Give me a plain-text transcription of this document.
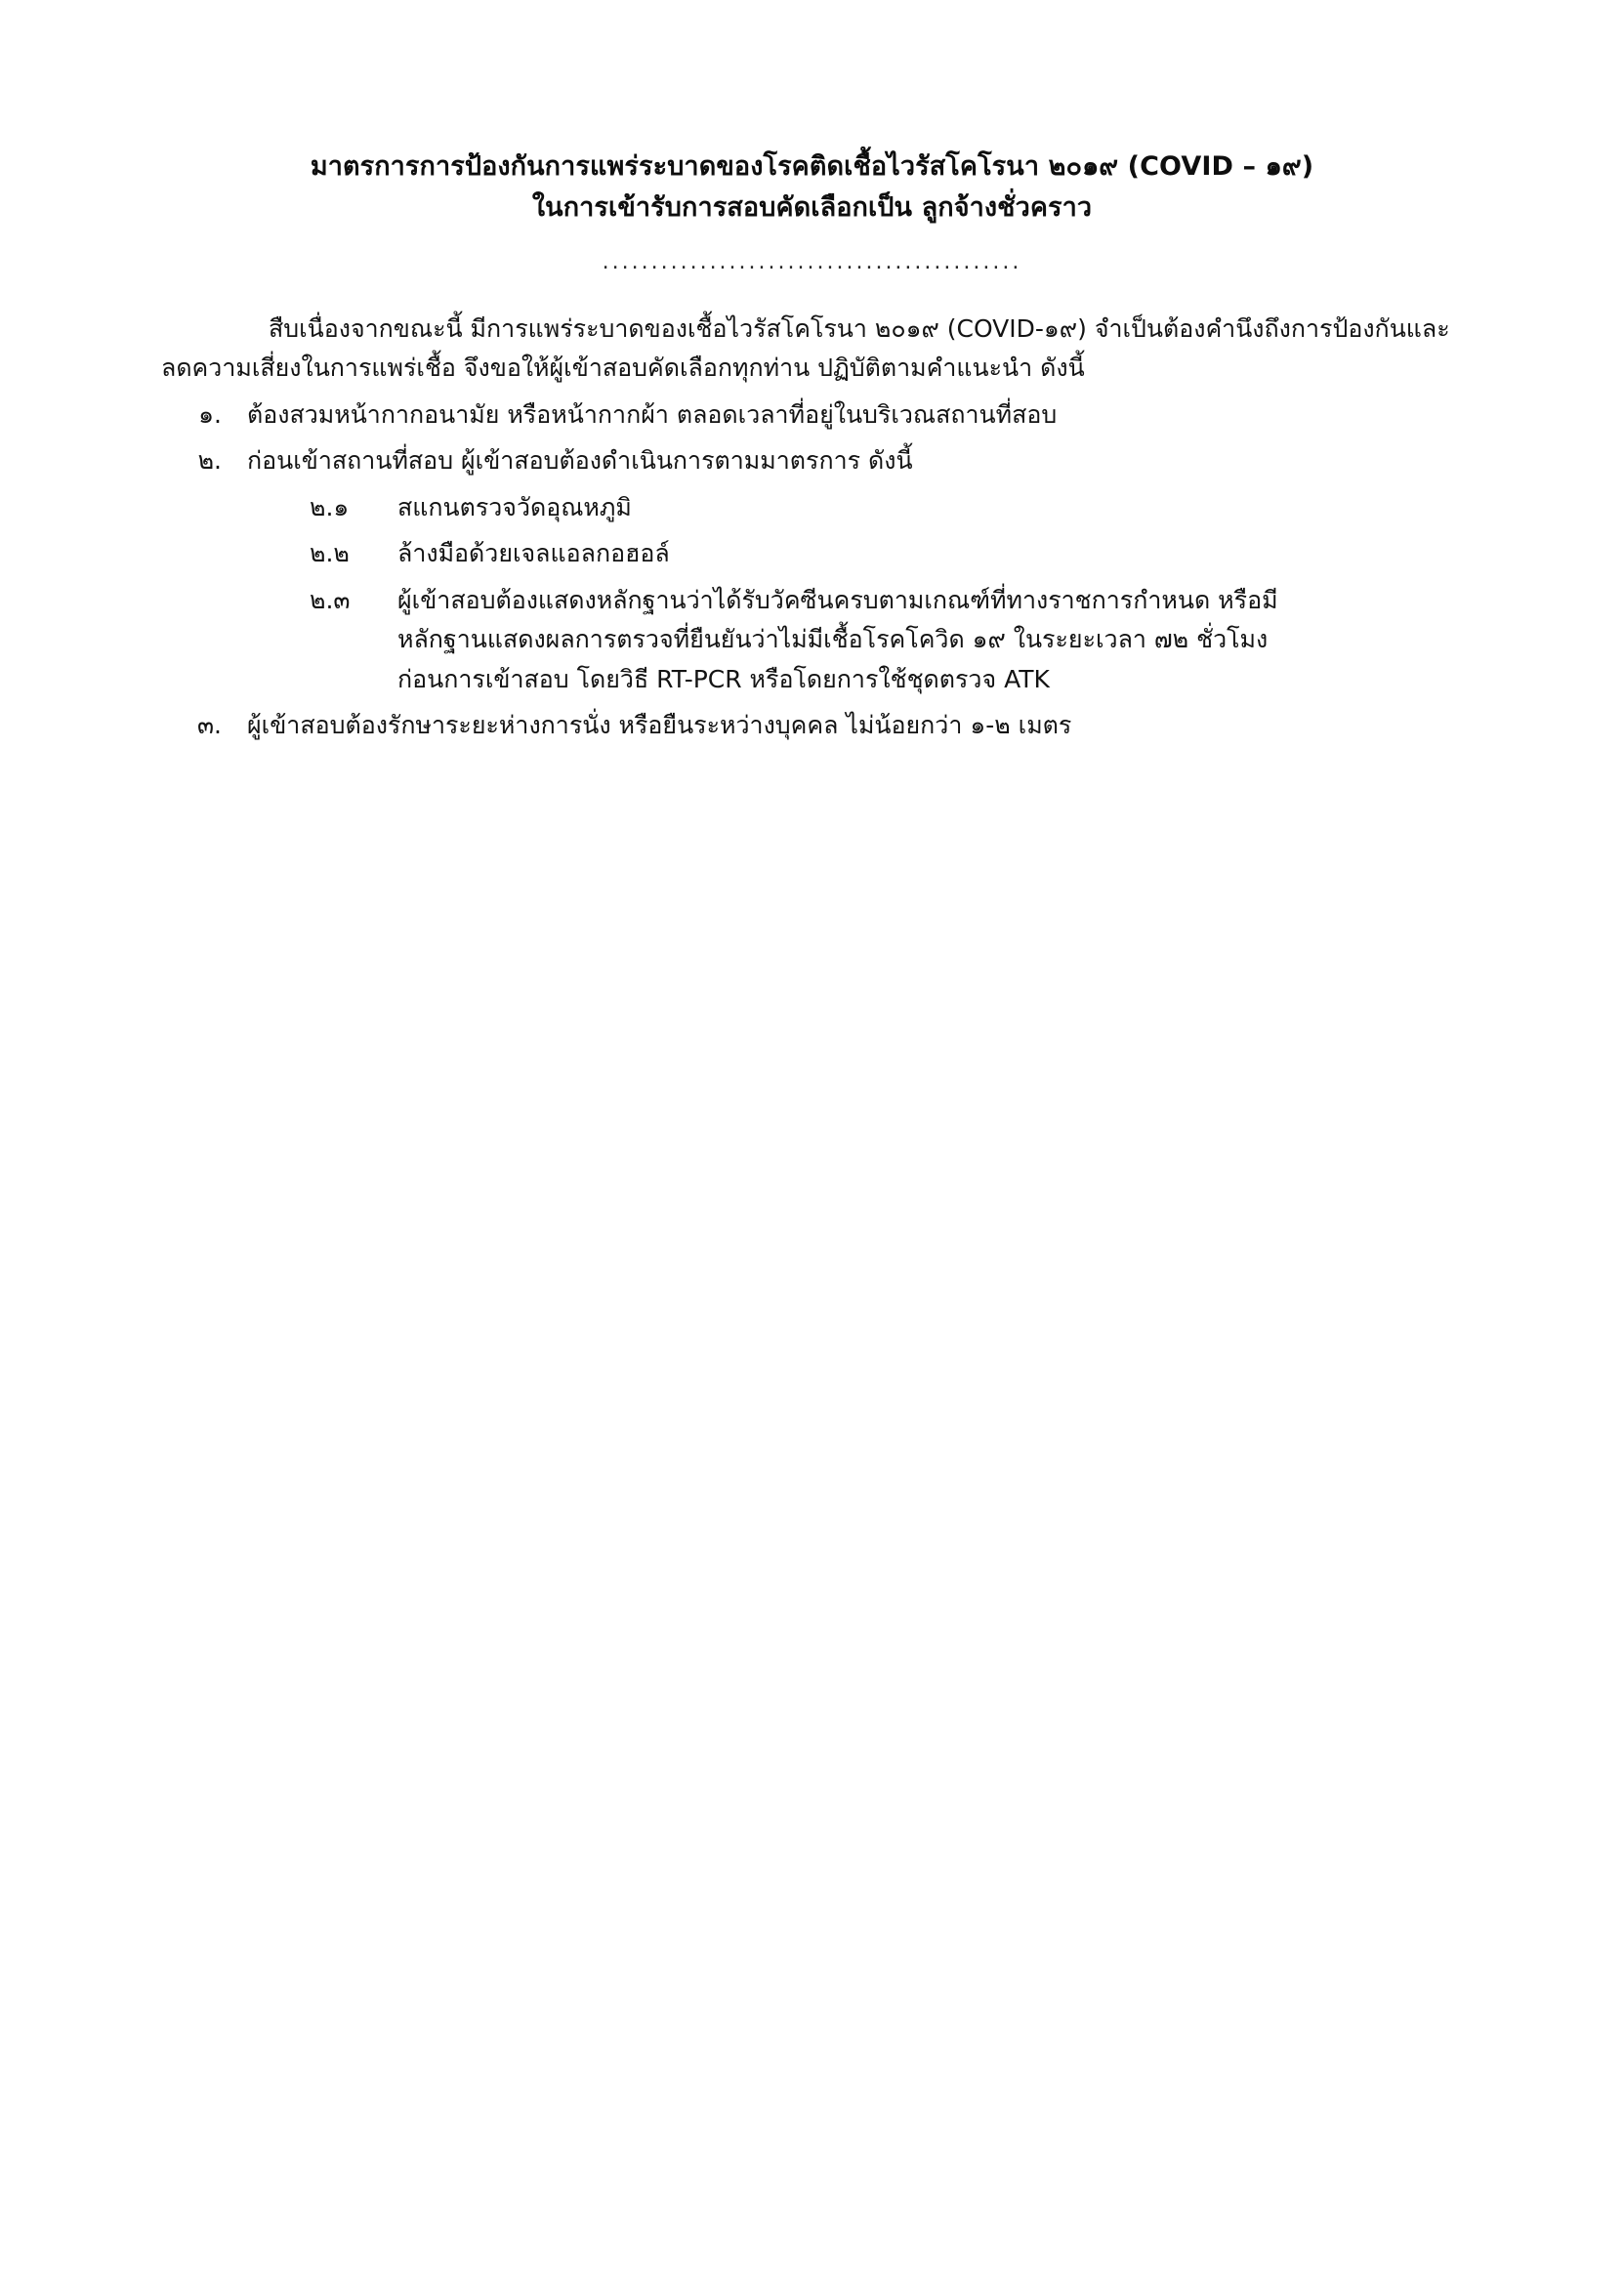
มาตรการการป้องกันการแพร่ระบาดของโรคติดเชื้อไวรัสโคโรนา ๒๐๑๙ (COVID – ๑๙)
ในการเข้ารับการสอบคัดเลือกเป็น ลูกจ้างชั่วคราว
...........................................

สืบเนื่องจากขณะนี้ มีการแพร่ระบาดของเชื้อไวรัสโคโรนา ๒๐๑๙ (COVID-๑๙) จำเป็นต้องคำนึงถึงการป้องกันและลดความเสี่ยงในการแพร่เชื้อ จึงขอให้ผู้เข้าสอบคัดเลือกทุกท่าน ปฏิบัติตามคำแนะนำ ดังนี้

๑.	ต้องสวมหน้ากากอนามัย หรือหน้ากากผ้า ตลอดเวลาที่อยู่ในบริเวณสถานที่สอบ
๒.	ก่อนเข้าสถานที่สอบ ผู้เข้าสอบต้องดำเนินการตามมาตรการ ดังนี้
๒.๑	สแกนตรวจวัดอุณหภูมิ
๒.๒	ล้างมือด้วยเจลแอลกอฮอล์
๒.๓	ผู้เข้าสอบต้องแสดงหลักฐานว่าได้รับวัคซีนครบตามเกณฑ์ที่ทางราชการกำหนด หรือมี
หลักฐานแสดงผลการตรวจที่ยืนยันว่าไม่มีเชื้อโรคโควิด ๑๙ ในระยะเวลา ๗๒ ชั่วโมง
ก่อนการเข้าสอบ โดยวิธี RT-PCR หรือโดยการใช้ชุดตรวจ ATK
๓.	ผู้เข้าสอบต้องรักษาระยะห่างการนั่ง หรือยืนระหว่างบุคคล ไม่น้อยกว่า ๑-๒ เมตร
